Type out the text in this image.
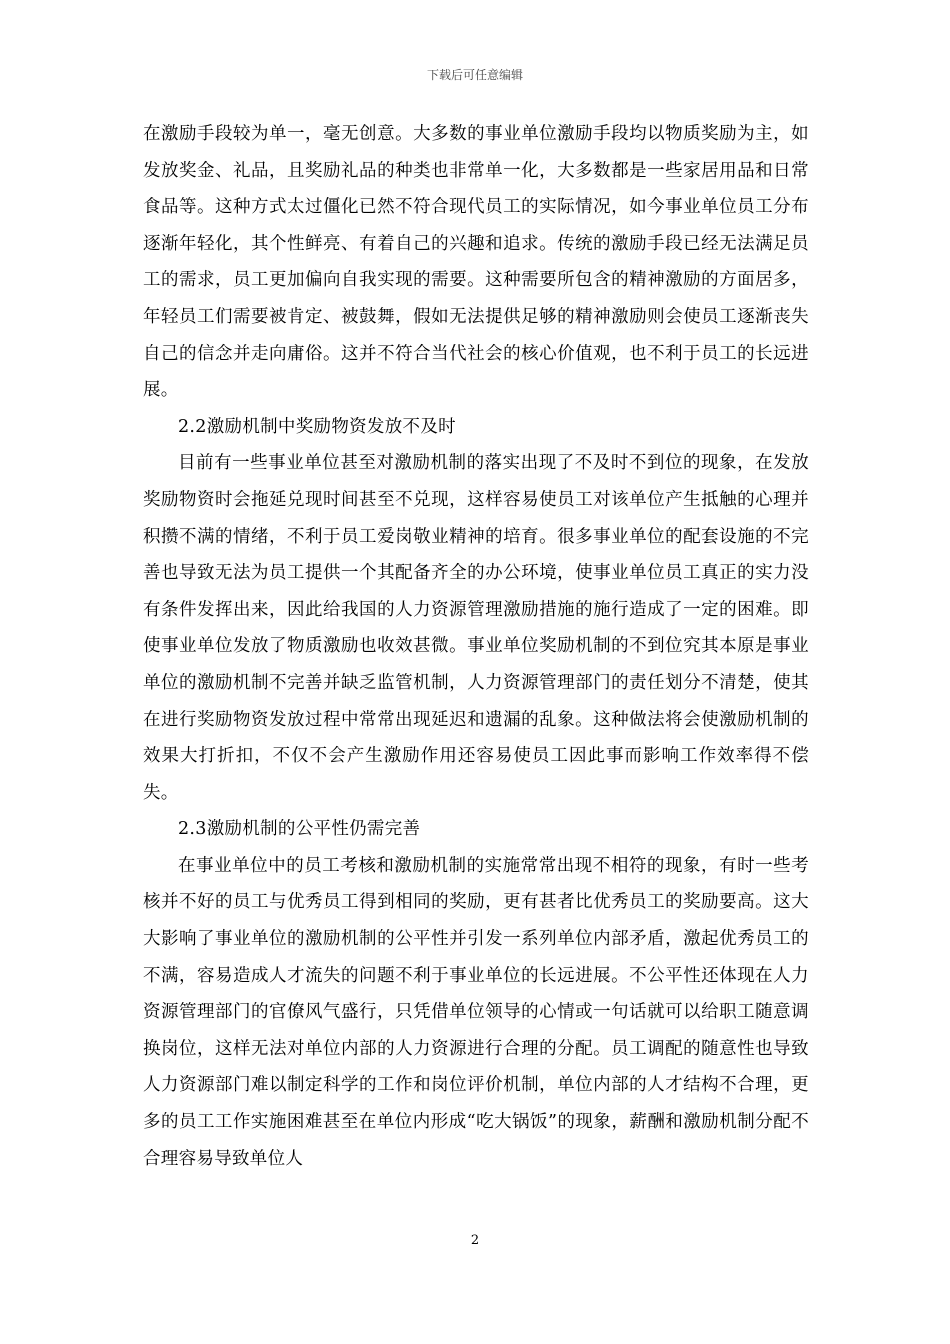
下载后可任意编辑

在激励手段较为单一，毫无创意。大多数的事业单位激励手段均以物质奖励为主，如发放奖金、礼品，且奖励礼品的种类也非常单一化，大多数都是一些家居用品和日常食品等。这种方式太过僵化已然不符合现代员工的实际情况，如今事业单位员工分布逐渐年轻化，其个性鲜亮、有着自己的兴趣和追求。传统的激励手段已经无法满足员工的需求，员工更加偏向自我实现的需要。这种需要所包含的精神激励的方面居多，年轻员工们需要被肯定、被鼓舞，假如无法提供足够的精神激励则会使员工逐渐丧失自己的信念并走向庸俗。这并不符合当代社会的核心价值观，也不利于员工的长远进展。

2.2激励机制中奖励物资发放不及时

目前有一些事业单位甚至对激励机制的落实出现了不及时不到位的现象，在发放奖励物资时会拖延兑现时间甚至不兑现，这样容易使员工对该单位产生抵触的心理并积攒不满的情绪，不利于员工爱岗敬业精神的培育。很多事业单位的配套设施的不完善也导致无法为员工提供一个其配备齐全的办公环境，使事业单位员工真正的实力没有条件发挥出来，因此给我国的人力资源管理激励措施的施行造成了一定的困难。即使事业单位发放了物质激励也收效甚微。事业单位奖励机制的不到位究其本原是事业单位的激励机制不完善并缺乏监管机制，人力资源管理部门的责任划分不清楚，使其在进行奖励物资发放过程中常常出现延迟和遗漏的乱象。这种做法将会使激励机制的效果大打折扣，不仅不会产生激励作用还容易使员工因此事而影响工作效率得不偿失。

2.3激励机制的公平性仍需完善

在事业单位中的员工考核和激励机制的实施常常出现不相符的现象，有时一些考核并不好的员工与优秀员工得到相同的奖励，更有甚者比优秀员工的奖励要高。这大大影响了事业单位的激励机制的公平性并引发一系列单位内部矛盾，激起优秀员工的不满，容易造成人才流失的问题不利于事业单位的长远进展。不公平性还体现在人力资源管理部门的官僚风气盛行，只凭借单位领导的心情或一句话就可以给职工随意调换岗位，这样无法对单位内部的人力资源进行合理的分配。员工调配的随意性也导致人力资源部门难以制定科学的工作和岗位评价机制，单位内部的人才结构不合理，更多的员工工作实施困难甚至在单位内形成“吃大锅饭”的现象，薪酬和激励机制分配不合理容易导致单位人

2
